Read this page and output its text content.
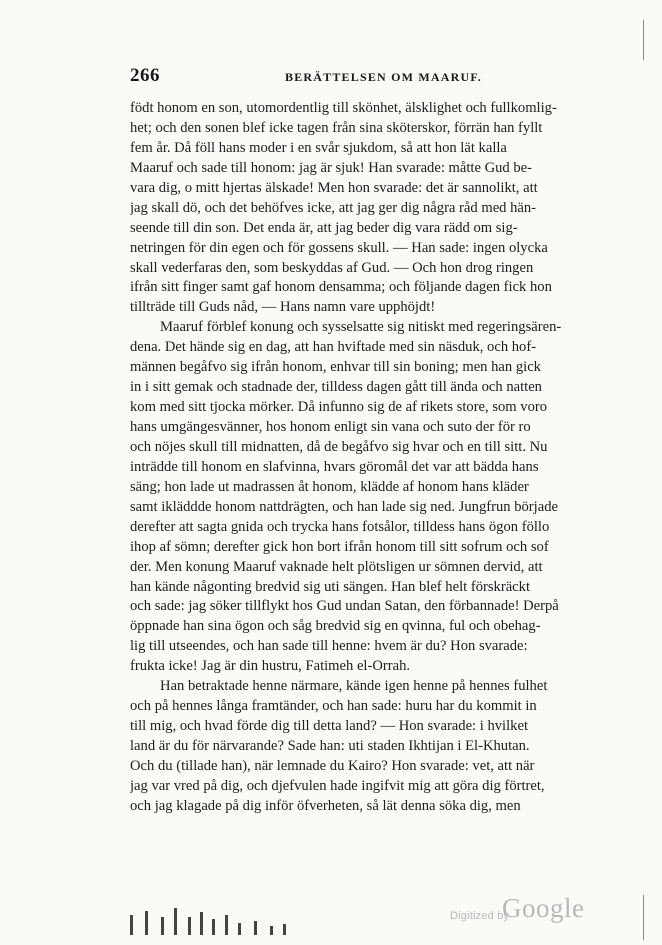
266	BERÄTTELSEN OM MAARUF.
födt honom en son, utomordentlig till skönhet, älsklighet och fullkomlig-
het; och den sonen blef icke tagen från sina sköterskor, förrän han fyllt
fem år. Då föll hans moder i en svår sjukdom, så att hon lät kalla
Maaruf och sade till honom: jag är sjuk! Han svarade: måtte Gud be-
vara dig, o mitt hjertas älskade! Men hon svarade: det är sannolikt, att
jag skall dö, och det behöfves icke, att jag ger dig några råd med hän-
seende till din son. Det enda är, att jag beder dig vara rädd om sig-
netringen för din egen och för gossens skull. — Han sade: ingen olycka
skall vederfaras den, som beskyddas af Gud. — Och hon drog ringen
ifrån sitt finger samt gaf honom densamma; och följande dagen fick hon
tillträde till Guds nåd, — Hans namn vare upphöjdt!
Maaruf förblef konung och sysselsatte sig nitiskt med regeringsären-
dena. Det hände sig en dag, att han hviftade med sin näsduk, och hof-
männen begåfvo sig ifrån honom, enhvar till sin boning; men han gick
in i sitt gemak och stadnade der, tilldess dagen gått till ända och natten
kom med sitt tjocka mörker. Då infunno sig de af rikets store, som voro
hans umgängesvänner, hos honom enligt sin vana och suto der för ro
och nöjes skull till midnatten, då de begåfvo sig hvar och en till sitt. Nu
inträdde till honom en slafvinna, hvars göromål det var att bädda hans
säng; hon lade ut madrassen åt honom, klädde af honom hans kläder
samt ikläddde honom nattdrägten, och han lade sig ned. Jungfrun började
derefter att sagta gnida och trycka hans fotsålor, tilldess hans ögon föllo
ihop af sömn; derefter gick hon bort ifrån honom till sitt sofrum och sof
der. Men konung Maaruf vaknade helt plötsligen ur sömnen dervid, att
han kände någonting bredvid sig uti sängen. Han blef helt förskräckt
och sade: jag söker tillflykt hos Gud undan Satan, den förbannade! Derpå
öppnade han sina ögon och såg bredvid sig en qvinna, ful och obehag-
lig till utseendes, och han sade till henne: hvem är du? Hon svarade:
frukta icke! Jag är din hustru, Fatimeh el-Orrah.
Han betraktade henne närmare, kände igen henne på hennes fulhet
och på hennes långa framtänder, och han sade: huru har du kommit in
till mig, och hvad förde dig till detta land? — Hon svarade: i hvilket
land är du för närvarande? Sade han: uti staden Ikhtijan i El-Khutan.
Och du (tillade han), när lemnade du Kairo? Hon svarade: vet, att när
jag var vred på dig, och djefvulen hade ingifvit mig att göra dig förtret,
och jag klagade på dig inför öfverheten, så lät denna söka dig, men
Digitized by
Google
